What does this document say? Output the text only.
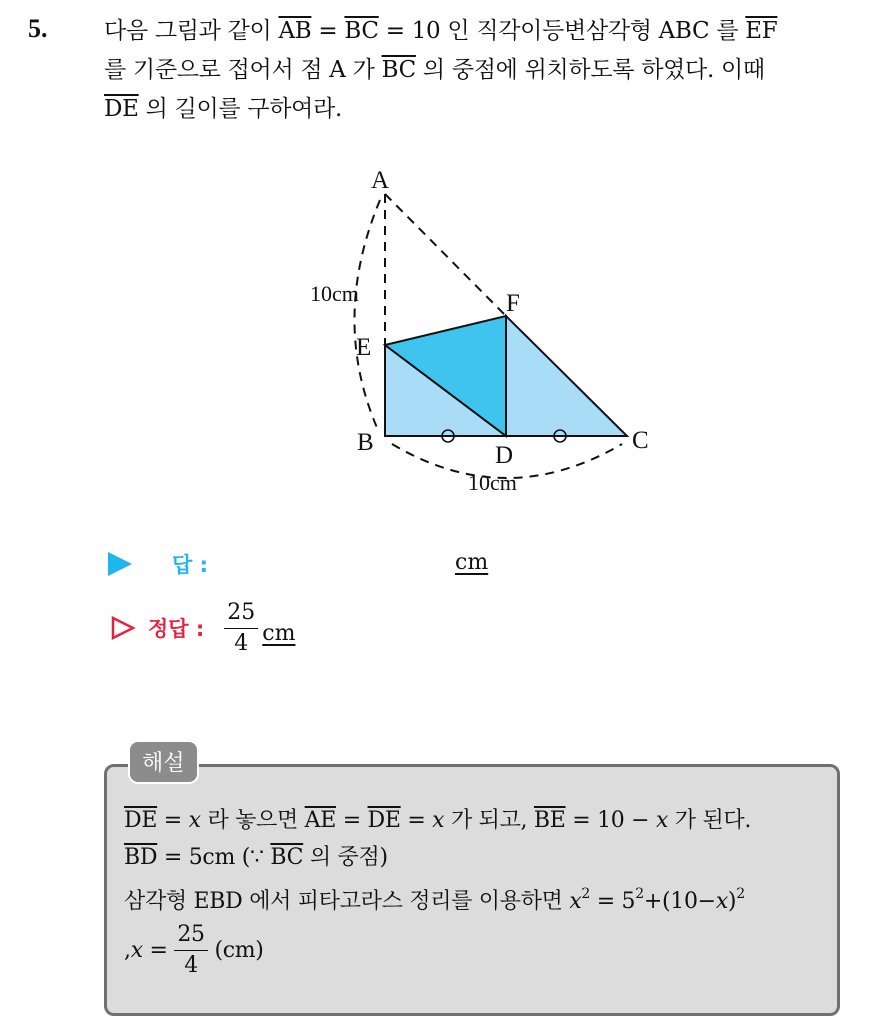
5. 다음 그림과 같이 $\overline{AB} = \overline{BC} = 10$ 인 직각이등변삼각형 ABC 를 $\overline{EF}$
를 기준으로 접어서 점 A 가 $\overline{BC}$ 의 중점에 위치하도록 하였다. 이때
$\overline{DE}$ 의 길이를 구하여라.
A
E
F
B	D
C
10cm
10cm
답 :	cm
정답 : $\frac{25}{4}$ cm
해설
$\overline{DE} = x$ 라 놓으면 $\overline{AE} = \overline{DE} = x$ 가 되고, $\overline{BE} = 10 - x$ 가 된다.
$\overline{BD} = 5cm$ (∵ $\overline{BC}$ 의 중점)
삼각형 EBD 에서 피타고라스 정리를 이용하면 $x^2 = 5^2+(10-x)^2$
, $x = \frac{25}{4} (cm)$
